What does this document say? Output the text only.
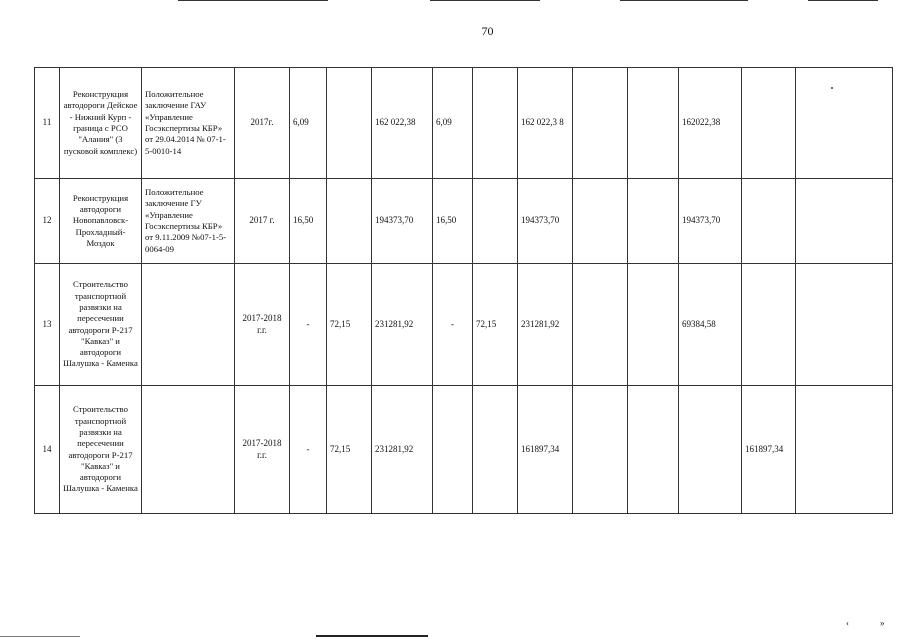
70
11	Реконструкция автодороги Дейское - Нижний Курп - граница с РСО "Алания" (3 пусковой комплекс)	Положительное заключение ГАУ «Управление Госэкспертизы КБР» от 29.04.2014 № 07-1-5-0010-14	2017г.	6,09		162 022,38	6,09		162 022,3 8			162022,38		
12	Реконструкция автодороги Новопавловск-Прохладный-Моздок	Положительное заключение ГУ «Управление Госэкспертизы КБР» от 9.11.2009 №07-1-5-0064-09	2017 г.	16,50		194373,70	16,50		194373,70			194373,70		
13	Строительство транспортной развязки на пересечении автодороги Р-217 "Кавказ" и автодороги Шалушка - Каменка		2017-2018 г.г.	-	72,15	231281,92	-	72,15	231281,92			69384,58		
14	Строительство транспортной развязки на пересечении автодороги Р-217 "Кавказ" и автодороги Шалушка - Каменка		2017-2018 г.г.	-	72,15	231281,92			161897,34				161897,34	
‹	»
